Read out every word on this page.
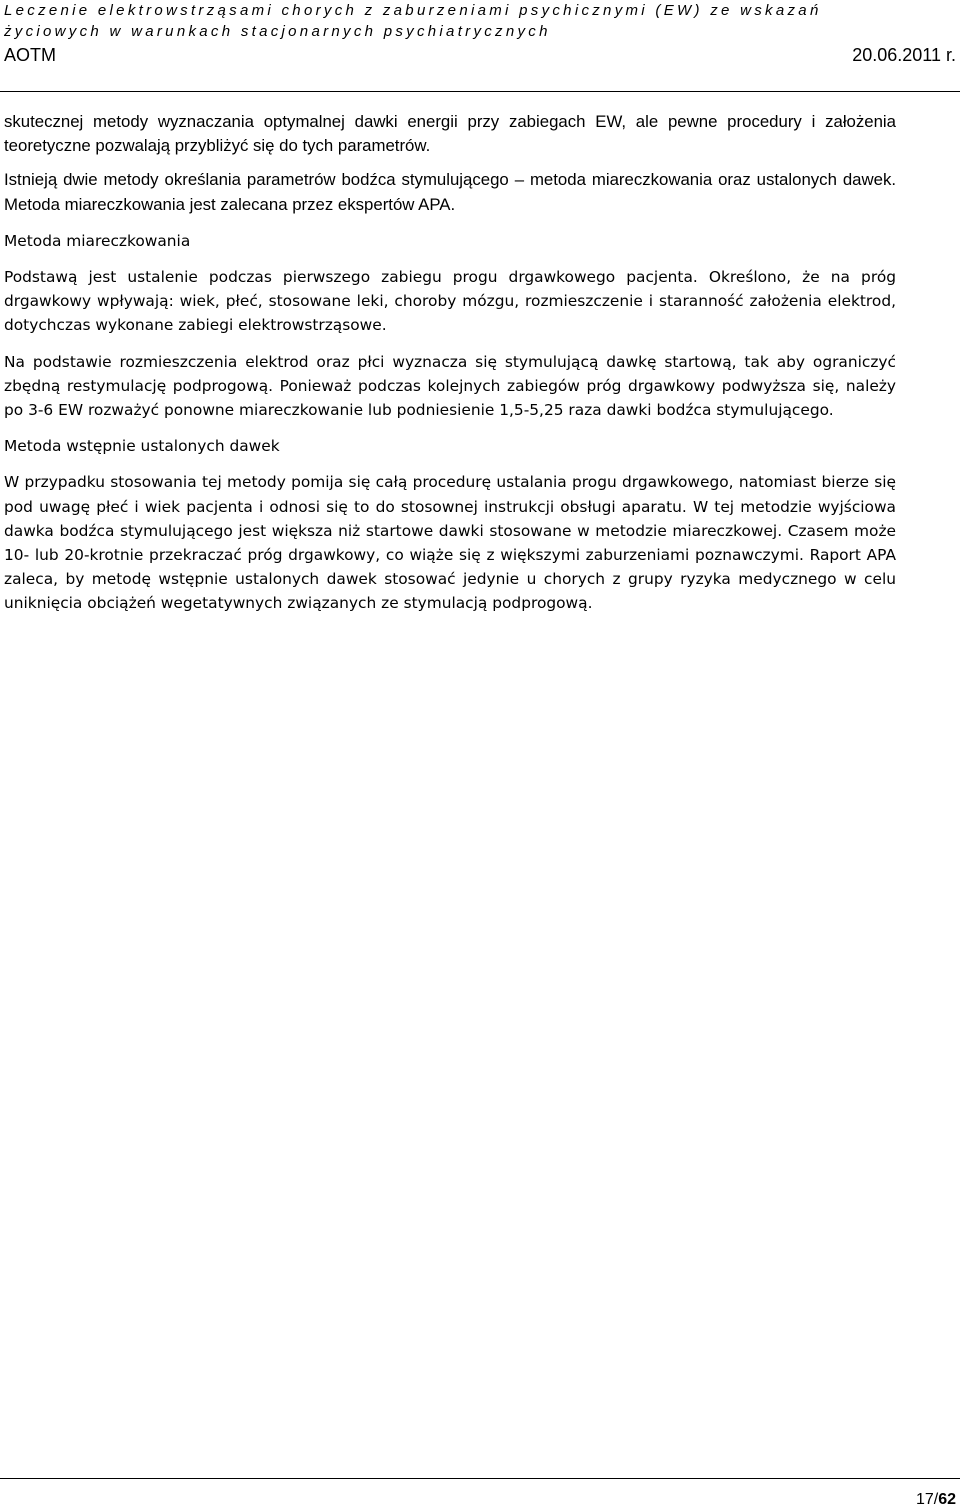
Leczenie elektrowstrząsami chorych z zaburzeniami psychicznymi (EW) ze wskazań
życiowych w warunkach stacjonarnych psychiatrycznych
AOTM	20.06.2011 r.

skutecznej metody wyznaczania optymalnej dawki energii przy zabiegach EW, ale pewne procedury i założenia teoretyczne pozwalają przybliżyć się do tych parametrów.

Istnieją dwie metody określania parametrów bodźca stymulującego – metoda miareczkowania oraz ustalonych dawek. Metoda miareczkowania jest zalecana przez ekspertów APA.

Metoda miareczkowania

Podstawą jest ustalenie podczas pierwszego zabiegu progu drgawkowego pacjenta. Określono, że na próg drgawkowy wpływają: wiek, płeć, stosowane leki, choroby mózgu, rozmieszczenie i staranność założenia elektrod, dotychczas wykonane zabiegi elektrowstrząsowe.

Na podstawie rozmieszczenia elektrod oraz płci wyznacza się stymulującą dawkę startową, tak aby ograniczyć zbędną restymulację podprogową. Ponieważ podczas kolejnych zabiegów próg drgawkowy podwyższa się, należy po 3-6 EW rozważyć ponowne miareczkowanie lub podniesienie 1,5-5,25 raza dawki bodźca stymulującego.

Metoda wstępnie ustalonych dawek

W przypadku stosowania tej metody pomija się całą procedurę ustalania progu drgawkowego, natomiast bierze się pod uwagę płeć i wiek pacjenta i odnosi się to do stosownej instrukcji obsługi aparatu. W tej metodzie wyjściowa dawka bodźca stymulującego jest większa niż startowe dawki stosowane w metodzie miareczkowej. Czasem może 10- lub 20-krotnie przekraczać próg drgawkowy, co wiąże się z większymi zaburzeniami poznawczymi. Raport APA zaleca, by metodę wstępnie ustalonych dawek stosować jedynie u chorych z grupy ryzyka medycznego w celu uniknięcia obciążeń wegetatywnych związanych ze stymulacją podprogową.

17/62
